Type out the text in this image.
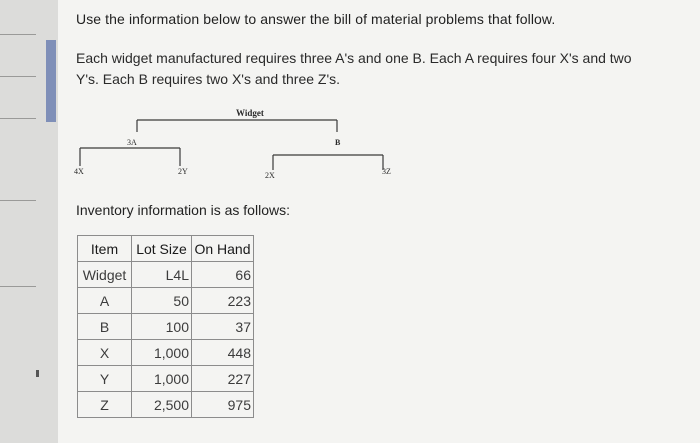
Use the information below to answer the bill of material problems that follow.
Each widget manufactured requires three A's and one B. Each A requires four X's and two Y's. Each B requires two X's and three Z's.
Widget
3A	B
4X	2Y	2X	3Z
Inventory information is as follows:
Item	Lot Size	On Hand
Widget	L4L	66
A	50	223
B	100	37
X	1,000	448
Y	1,000	227
Z	2,500	975
